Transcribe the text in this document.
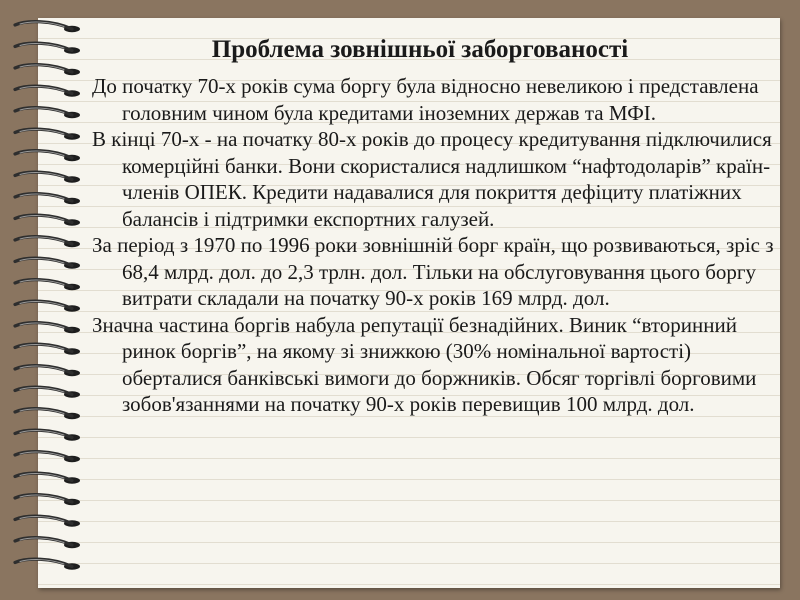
Проблема зовнішньої заборгованості

До початку 70-х років сума боргу була відносно невеликою і представлена головним чином була кредитами іноземних держав та МФІ.

В кінці 70-х - на початку 80-х років до процесу кредитування підключилися комерційні банки. Вони скористалися надлишком “нафтодоларів” країн-членів ОПЕК. Кредити надавалися для покриття дефіциту платіжних балансів і підтримки експортних галузей.

За період з 1970 по 1996 роки зовнішній борг країн, що розвиваються, зріс з 68,4 млрд. дол. до 2,3 трлн. дол. Тільки на обслуговування цього боргу витрати складали на початку 90-х років 169 млрд. дол.

Значна частина боргів набула репутації безнадійних. Виник “вторинний ринок боргів”, на якому зі знижкою (30% номінальної вартості) оберталися банківські вимоги до боржників. Обсяг торгівлі борговими зобов'язаннями на початку 90-х років перевищив 100 млрд. дол.
